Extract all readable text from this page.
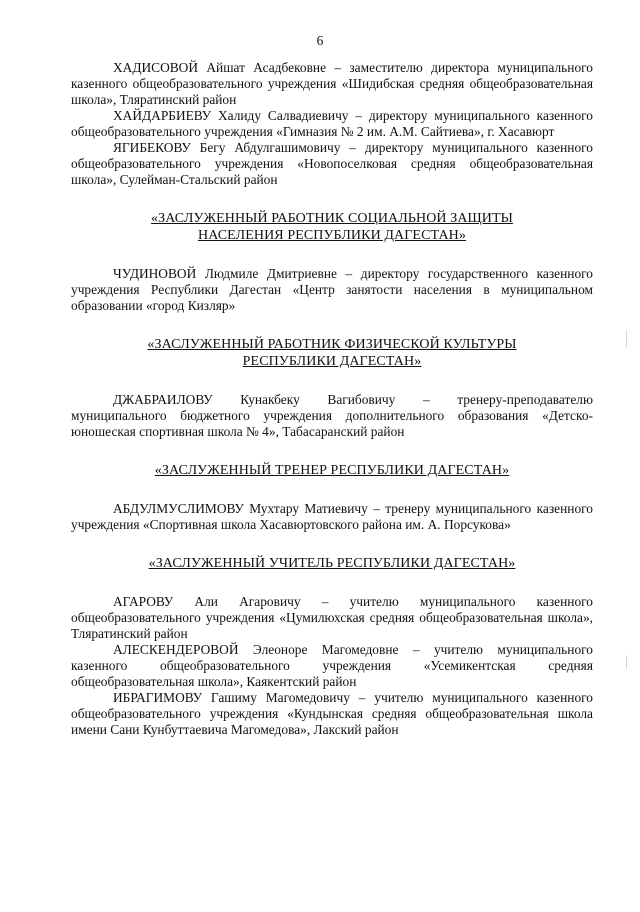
6

ХАДИСОВОЙ Айшат Асадбековне – заместителю директора муниципального казенного общеобразовательного учреждения «Шидибская средняя общеобразовательная школа», Тляратинский район

ХАЙДАРБИЕВУ Халиду Салвадиевичу – директору муниципального казенного общеобразовательного учреждения «Гимназия № 2 им. А.М. Сайтиева», г. Хасавюрт

ЯГИБЕКОВУ Бегу Абдулгашимовичу – директору муниципального казенного общеобразовательного учреждения «Новопоселковая средняя общеобразовательная школа», Сулейман-Стальский район

«ЗАСЛУЖЕННЫЙ РАБОТНИК СОЦИАЛЬНОЙ ЗАЩИТЫ

НАСЕЛЕНИЯ РЕСПУБЛИКИ ДАГЕСТАН»

ЧУДИНОВОЙ Людмиле Дмитриевне – директору государственного казенного учреждения Республики Дагестан «Центр занятости населения в муниципальном образовании «город Кизляр»

«ЗАСЛУЖЕННЫЙ РАБОТНИК ФИЗИЧЕСКОЙ КУЛЬТУРЫ

РЕСПУБЛИКИ ДАГЕСТАН»

ДЖАБРАИЛОВУ Кунакбеку Вагибовичу – тренеру-преподавателю муниципального бюджетного учреждения дополнительного образования «Детско-юношеская спортивная школа № 4», Табасаранский район

«ЗАСЛУЖЕННЫЙ ТРЕНЕР РЕСПУБЛИКИ ДАГЕСТАН»

АБДУЛМУСЛИМОВУ Мухтару Матиевичу – тренеру муниципального казенного учреждения «Спортивная школа Хасавюртовского района им. А. Порсукова»

«ЗАСЛУЖЕННЫЙ УЧИТЕЛЬ РЕСПУБЛИКИ ДАГЕСТАН»

АГАРОВУ Али Агаровичу – учителю муниципального казенного общеобразовательного учреждения «Цумилюхская средняя общеобразовательная школа», Тляратинский район

АЛЕСКЕНДЕРОВОЙ Элеоноре Магомедовне – учителю муниципального казенного общеобразовательного учреждения «Усемикентская средняя общеобразовательная школа», Каякентский район

ИБРАГИМОВУ Гашиму Магомедовичу – учителю муниципального казенного общеобразовательного учреждения «Кундынская средняя общеобразовательная школа имени Сани Кунбуттаевича Магомедова», Лакский район
